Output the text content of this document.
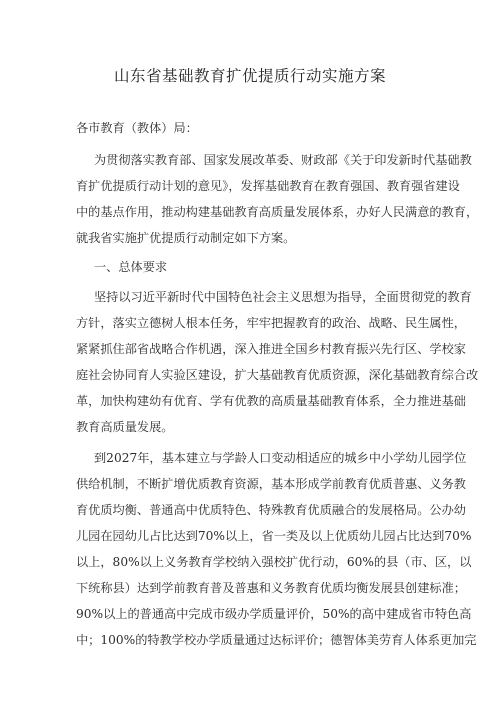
山东省基础教育扩优提质行动实施方案
各市教育（教体）局：
为贯彻落实教育部、国家发展改革委、财政部《关于印发新时代基础教
育扩优提质行动计划的意见》，发挥基础教育在教育强国、教育强省建设
中的基点作用，推动构建基础教育高质量发展体系，办好人民满意的教育，
就我省实施扩优提质行动制定如下方案。
一、总体要求
坚持以习近平新时代中国特色社会主义思想为指导，全面贯彻党的教育
方针，落实立德树人根本任务，牢牢把握教育的政治、战略、民生属性，
紧紧抓住部省战略合作机遇，深入推进全国乡村教育振兴先行区、学校家
庭社会协同育人实验区建设，扩大基础教育优质资源，深化基础教育综合改
革，加快构建幼有优育、学有优教的高质量基础教育体系，全力推进基础
教育高质量发展。
到2027年，基本建立与学龄人口变动相适应的城乡中小学幼儿园学位
供给机制，不断扩增优质教育资源，基本形成学前教育优质普惠、义务教
育优质均衡、普通高中优质特色、特殊教育优质融合的发展格局。公办幼
儿园在园幼儿占比达到70%以上，省一类及以上优质幼儿园占比达到70%
以上，80%以上义务教育学校纳入强校扩优行动，60%的县（市、区，以
下统称县）达到学前教育普及普惠和义务教育优质均衡发展县创建标准；
90%以上的普通高中完成市级办学质量评价，50%的高中建成省市特色高
中；100%的特教学校办学质量通过达标评价；德智体美劳育人体系更加完
